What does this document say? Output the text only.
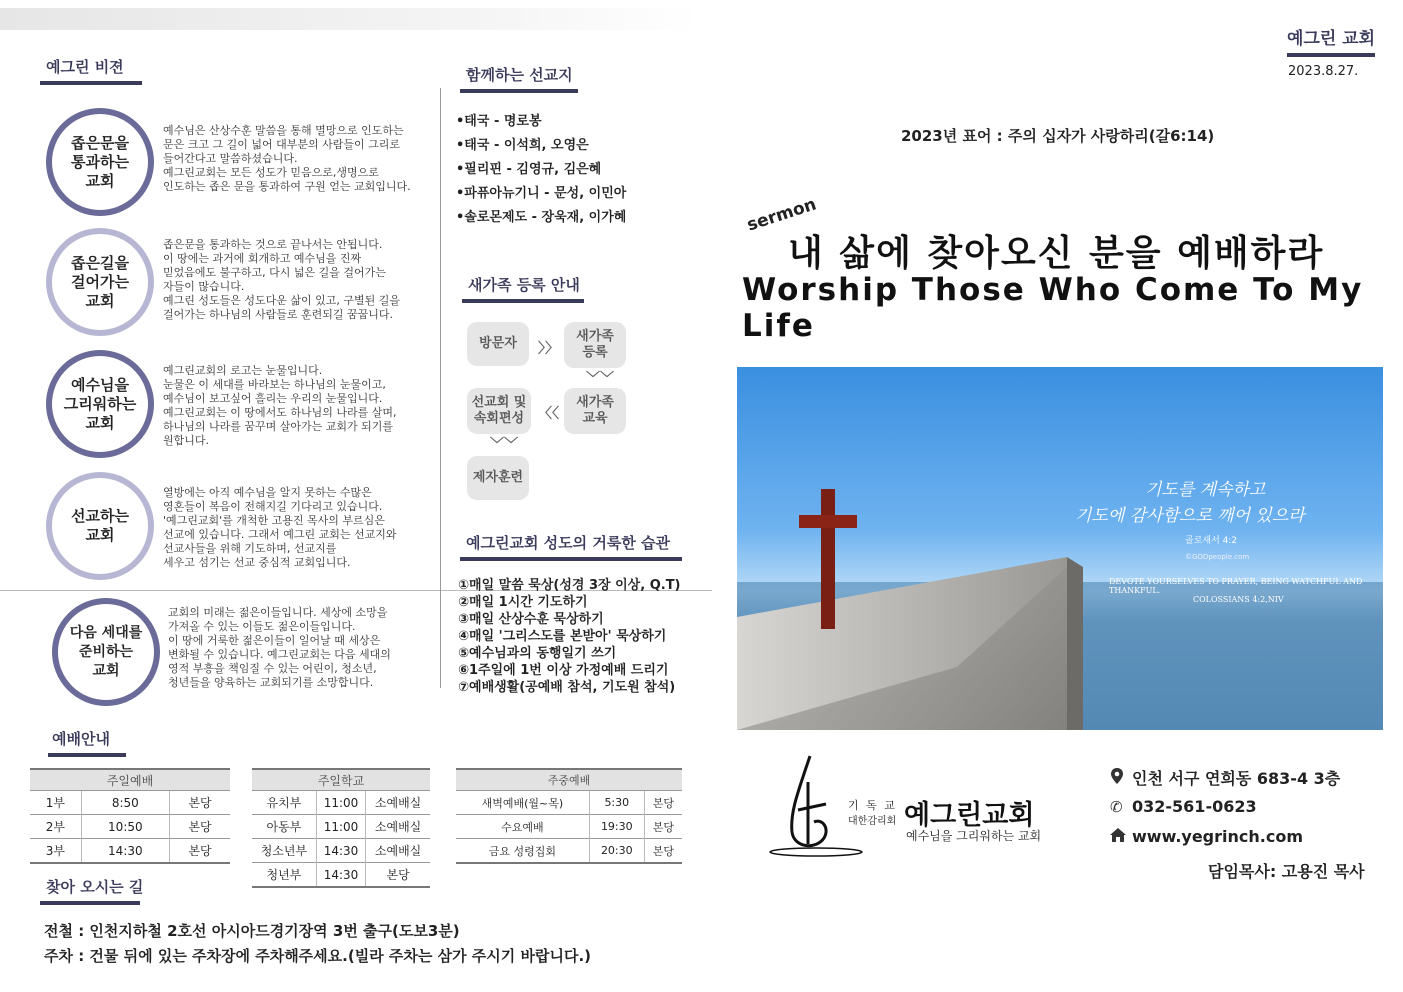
예그린 비젼
좁은문을
통과하는
교회
예수님은 산상수훈 말씀을 통해 멸망으로 인도하는
문은 크고 그 길이 넓어 대부분의 사람들이 그리로
들어간다고 말씀하셨습니다.
예그린교회는 모든 성도가 믿음으로,생명으로
인도하는 좁은 문을 통과하여 구원 얻는 교회입니다.
좁은길을
걸어가는
교회
좁은문을 통과하는 것으로 끝나서는 안됩니다.
이 땅에는 과거에 회개하고 예수님을 진짜
믿었음에도 불구하고, 다시 넓은 길을 걸어가는
자들이 많습니다.
예그린 성도들은 성도다운 삶이 있고, 구별된 길을
걸어가는 하나님의 사람들로 훈련되길 꿈꿉니다.
예수님을
그리워하는
교회
예그린교회의 로고는 눈물입니다.
눈물은 이 세대를 바라보는 하나님의 눈물이고,
예수님이 보고싶어 흘리는 우리의 눈물입니다.
예그린교회는 이 땅에서도 하나님의 나라를 살며,
하나님의 나라를 꿈꾸며 살아가는 교회가 되기를
원합니다.
선교하는
교회
열방에는 아직 예수님을 알지 못하는 수많은
영혼들이 복음이 전해지길 기다리고 있습니다.
'예그린교회'를 개척한 고용진 목사의 부르심은
선교에 있습니다. 그래서 예그린 교회는 선교지와
선교사들을 위해 기도하며, 선교지를
세우고 섬기는 선교 중심적 교회입니다.
다음 세대를
준비하는
교회
교회의 미래는 젊은이들입니다. 세상에 소망을
가져올 수 있는 이들도 젊은이들입니다.
이 땅에 거룩한 젊은이들이 일어날 때 세상은
변화될 수 있습니다. 예그린교회는 다음 세대의
영적 부흥을 책임질 수 있는 어린이, 청소년,
청년들을 양육하는 교회되기를 소망합니다.
함께하는 선교지
•태국 - 명로봉
•태국 - 이석희, 오영은
•필리핀 - 김영규, 김은혜
•파퓨아뉴기니 - 문성, 이민아
•솔로몬제도 - 장욱재, 이가혜
새가족 등록 안내
방문자	〉〉
새가족
등록
﹀﹀
새가족
교육
〈〈
선교회 및
속회편성
﹀﹀
제자훈련
예그린교회 성도의 거룩한 습관
①매일 말씀 묵상(성경 3장 이상, Q.T)
②매일 1시간 기도하기
③매일 산상수훈 묵상하기
④매일 '그리스도를 본받아' 묵상하기
⑤예수님과의 동행일기 쓰기
⑥1주일에 1번 이상 가정예배 드리기
⑦예배생활(공예배 참석, 기도원 참석)
예배안내
주일예배		
1부	8:50	본당
2부	10:50	본당
3부	14:30	본당
주일학교		
유치부	11:00	소예배실
아동부	11:00	소예배실
청소년부	14:30	소예배실
청년부	14:30	본당
주중예배		
새벽예배(월~목)	5:30	본당
수요예배	19:30	본당
금요 성령집회	20:30	본당
찾아 오시는 길
전철 : 인천지하철 2호선 아시아드경기장역 3번 출구(도보3분)
주차 : 건물 뒤에 있는 주차장에 주차해주세요.(빌라 주차는 삼가 주시기 바랍니다.)
예그린 교회
2023.8.27.
2023년 표어 : 주의 십자가 사랑하리(갈6:14)
sermon
내 삶에 찾아오신 분을 예배하라
Worship Those Who Come To My Life
기도를 계속하고
기도에 감사함으로 깨어 있으라
골로새서 4:2
©GODpeople.com
DEVOTE YOURSELVES TO PRAYER, BEING WATCHFUL AND THANKFUL.
COLOSSIANS 4:2,NIV
기 독 교
대한감리회 예그린교회
예수님을 그리워하는 교회
인천 서구 연희동 683-4 3층
✆ 032-561-0623
www.yegrinch.com
담임목사: 고용진 목사
